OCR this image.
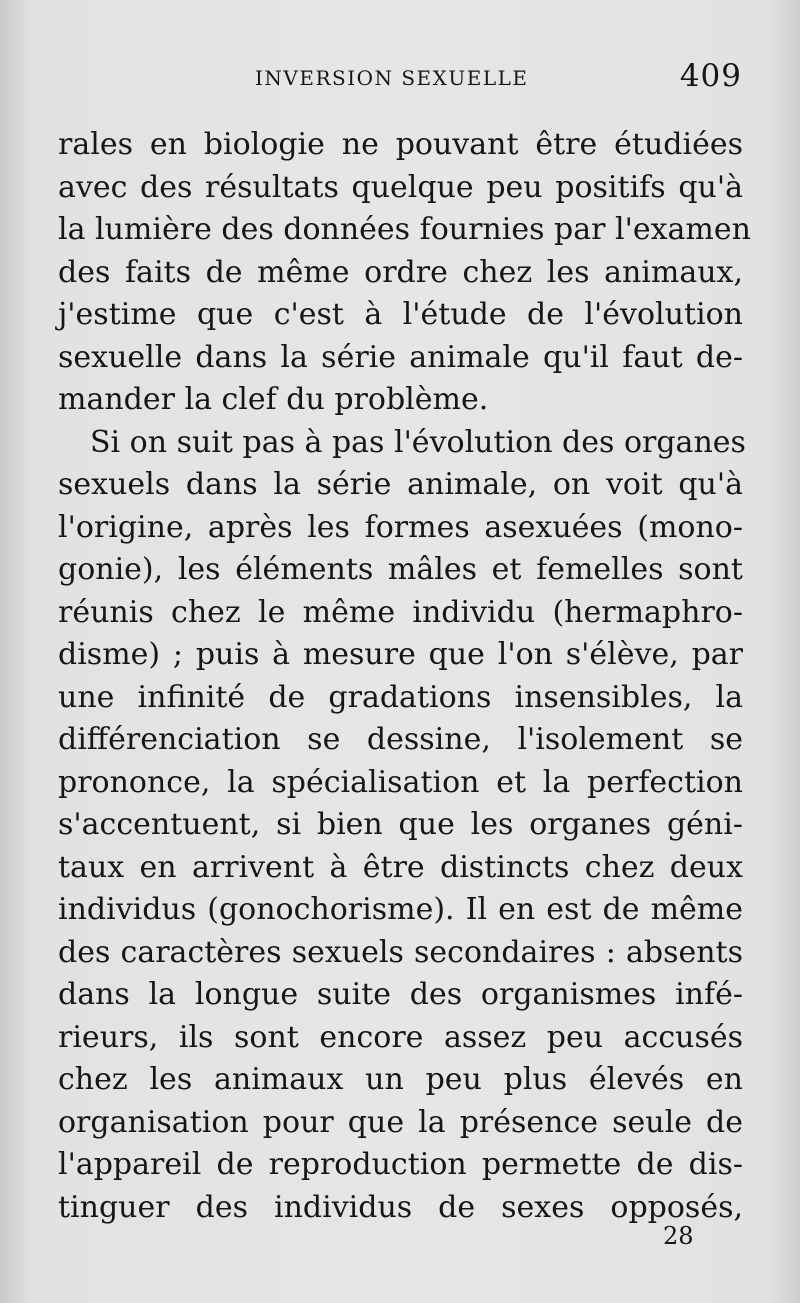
INVERSION SEXUELLE	409
rales en biologie ne pouvant être étudiées
avec des résultats quelque peu positifs qu'à
la lumière des données fournies par l'examen
des faits de même ordre chez les animaux,
j'estime que c'est à l'étude de l'évolution
sexuelle dans la série animale qu'il faut de-
mander la clef du problème.
Si on suit pas à pas l'évolution des organes
sexuels dans la série animale, on voit qu'à
l'origine, après les formes asexuées (mono-
gonie), les éléments mâles et femelles sont
réunis chez le même individu (hermaphro-
disme) ; puis à mesure que l'on s'élève, par
une infinité de gradations insensibles, la
différenciation se dessine, l'isolement se
prononce, la spécialisation et la perfection
s'accentuent, si bien que les organes géni-
taux en arrivent à être distincts chez deux
individus (gonochorisme). Il en est de même
des caractères sexuels secondaires : absents
dans la longue suite des organismes infé-
rieurs, ils sont encore assez peu accusés
chez les animaux un peu plus élevés en
organisation pour que la présence seule de
l'appareil de reproduction permette de dis-
tinguer des individus de sexes opposés,
28
